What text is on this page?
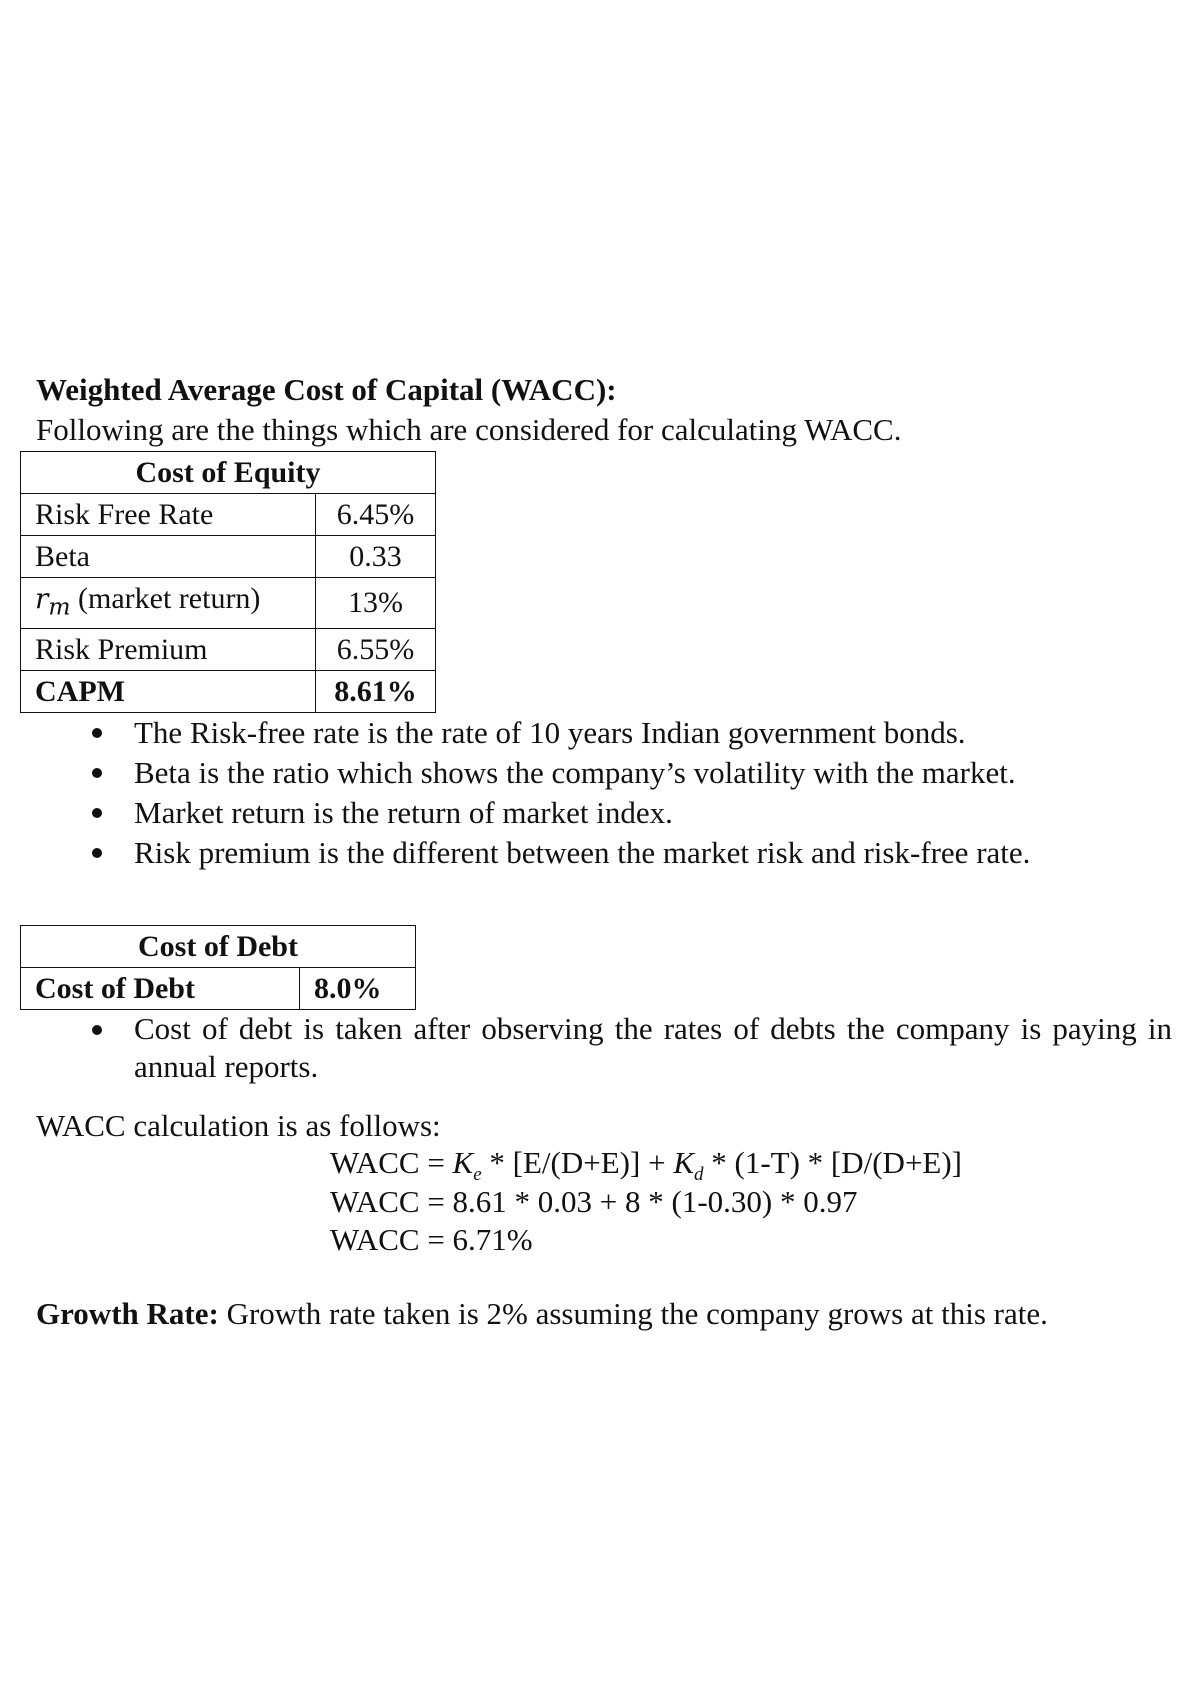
Weighted Average Cost of Capital (WACC):

Following are the things which are considered for calculating WACC.

Cost of Equity	
Risk Free Rate	6.45%
Beta	0.33
$r_m$ (market return)	13%
Risk Premium	6.55%
CAPM	8.61%
The Risk-free rate is the rate of 10 years Indian government bonds.
Beta is the ratio which shows the company’s volatility with the market.
Market return is the return of market index.
Risk premium is the different between the market risk and risk-free rate.
Cost of Debt
Cost of Debt	8.0%
Cost of debt is taken after observing the rates of debts the company is paying in annual reports.

WACC calculation is as follows:

WACC = $K_e * [E/(D+E)] + K_d * (1-T) * [D/(D+E)]$

WACC = 8.61 * 0.03 + 8 * (1-0.30) * 0.97

WACC = 6.71%

Growth Rate: Growth rate taken is 2% assuming the company grows at this rate.
